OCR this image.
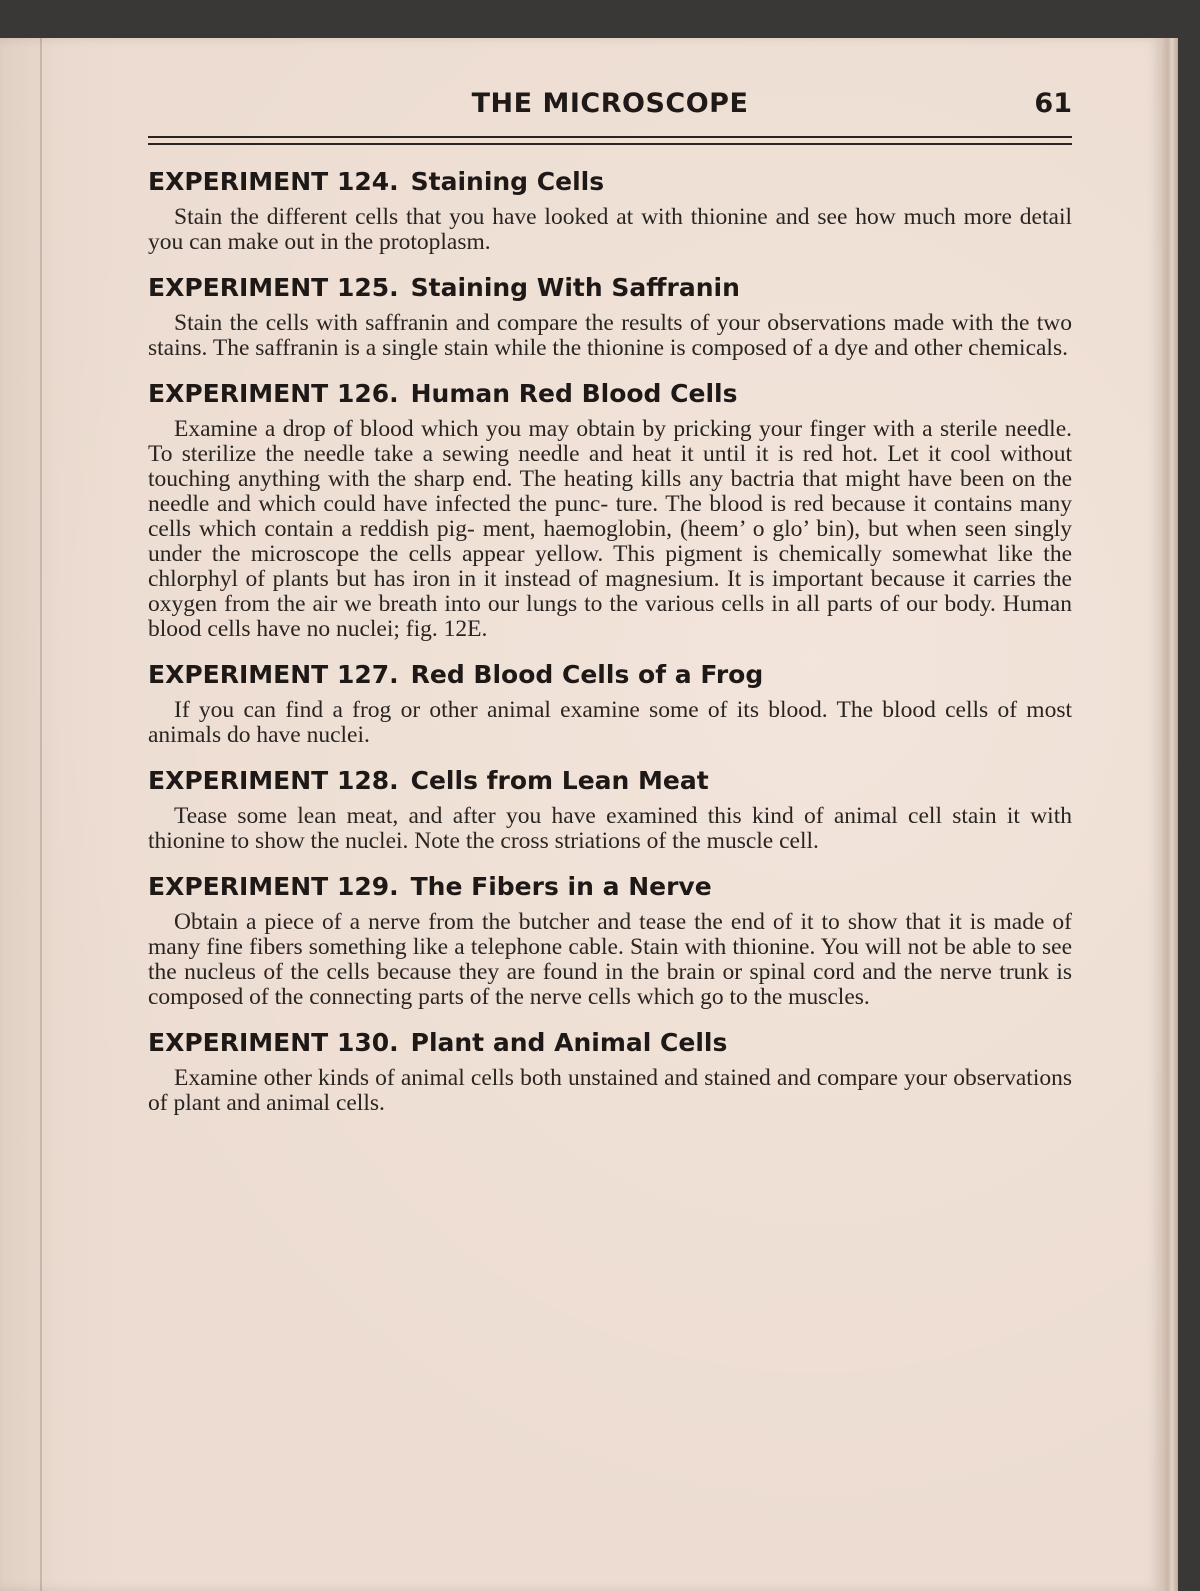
THE MICROSCOPE	61
EXPERIMENT 124. Staining Cells

Stain the different cells that you have looked at with thionine and see how much more detail you can make out in the protoplasm.

EXPERIMENT 125. Staining With Saffranin

Stain the cells with saffranin and compare the results of your observations made with the two stains. The saffranin is a single stain while the thionine is composed of a dye and other chemicals.

EXPERIMENT 126. Human Red Blood Cells

Examine a drop of blood which you may obtain by pricking your finger with a sterile needle. To sterilize the needle take a sewing needle and heat it until it is red hot. Let it cool without touching anything with the sharp end. The heating kills any bactria that might have been on the needle and which could have infected the punc- ture. The blood is red because it contains many cells which contain a reddish pig- ment, haemoglobin, (heem’ o glo’ bin), but when seen singly under the microscope the cells appear yellow. This pigment is chemically somewhat like the chlorphyl of plants but has iron in it instead of magnesium. It is important because it carries the oxygen from the air we breath into our lungs to the various cells in all parts of our body. Human blood cells have no nuclei; fig. 12E.

EXPERIMENT 127. Red Blood Cells of a Frog

If you can find a frog or other animal examine some of its blood. The blood cells of most animals do have nuclei.

EXPERIMENT 128. Cells from Lean Meat

Tease some lean meat, and after you have examined this kind of animal cell stain it with thionine to show the nuclei. Note the cross striations of the muscle cell.

EXPERIMENT 129. The Fibers in a Nerve

Obtain a piece of a nerve from the butcher and tease the end of it to show that it is made of many fine fibers something like a telephone cable. Stain with thionine. You will not be able to see the nucleus of the cells because they are found in the brain or spinal cord and the nerve trunk is composed of the connecting parts of the nerve cells which go to the muscles.

EXPERIMENT 130. Plant and Animal Cells

Examine other kinds of animal cells both unstained and stained and compare your observations of plant and animal cells.
